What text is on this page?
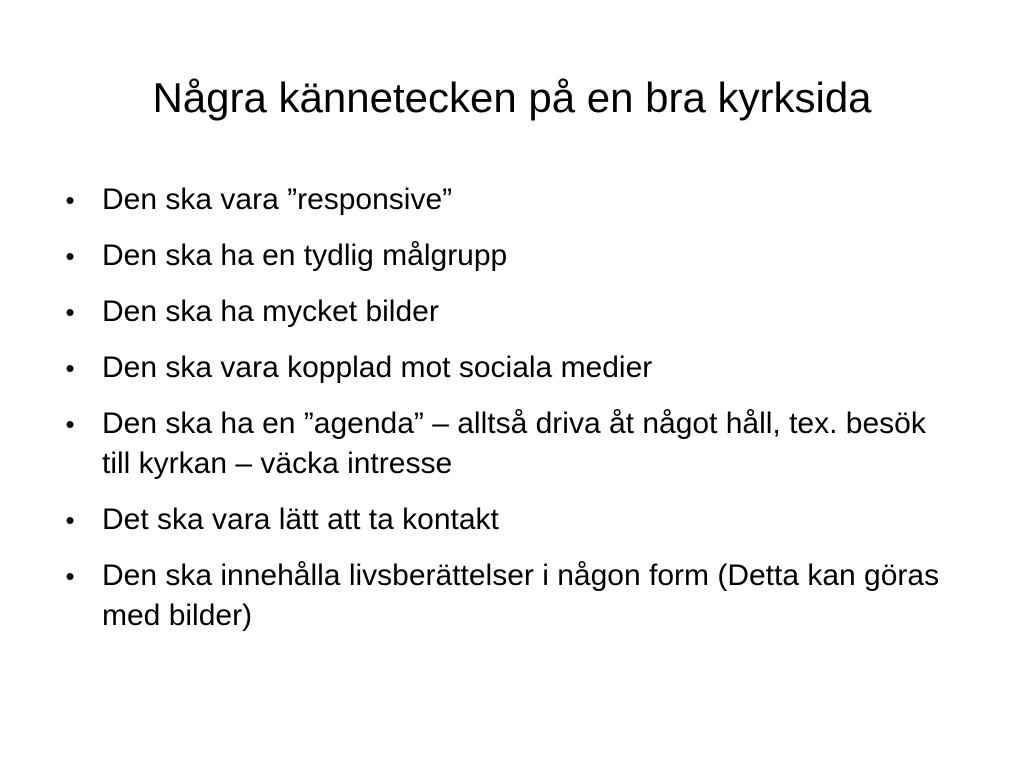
Några kännetecken på en bra kyrksida
• Den ska vara ”responsive”
• Den ska ha en tydlig målgrupp
• Den ska ha mycket bilder
• Den ska vara kopplad mot sociala medier
• Den ska ha en ”agenda” – alltså driva åt något håll, tex. besök till kyrkan – väcka intresse
• Det ska vara lätt att ta kontakt
• Den ska innehålla livsberättelser i någon form (Detta kan göras med bilder)
